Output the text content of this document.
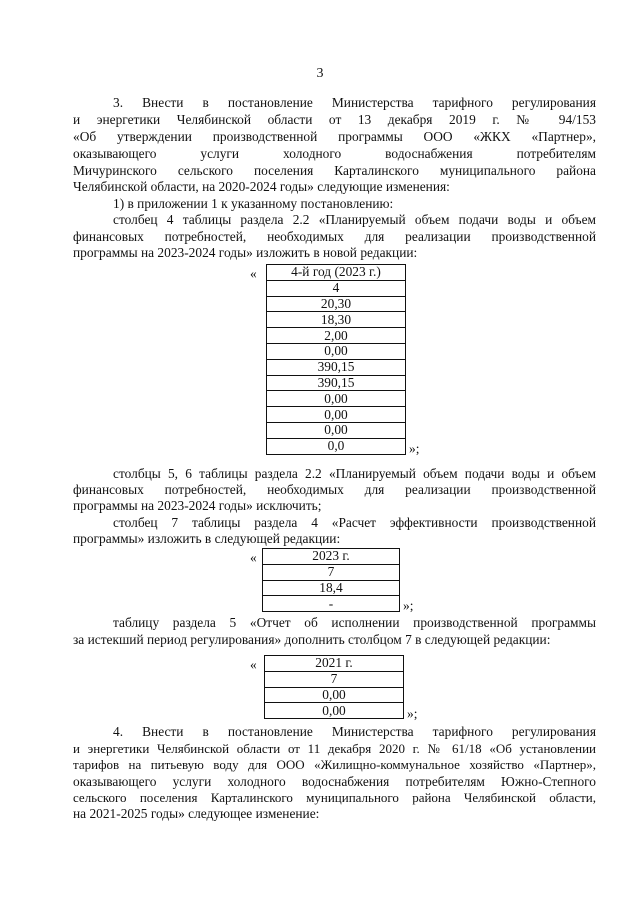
3
3. Внести в постановление Министерства тарифного регулирования
и энергетики Челябинской области от 13 декабря 2019 г. № 94/153
«Об утверждении производственной программы ООО «ЖКХ «Партнер»,
оказывающего услуги холодного водоснабжения потребителям
Мичуринского сельского поселения Карталинского муниципального района
Челябинской области, на 2020-2024 годы» следующие изменения:
1) в приложении 1 к указанному постановлению:
столбец 4 таблицы раздела 2.2 «Планируемый объем подачи воды и объем
финансовых потребностей, необходимых для реализации производственной
программы на 2023-2024 годы» изложить в новой редакции:
«	4-й год (2023 г.)
4
20,30
18,30
2,00
0,00
390,15
390,15
0,00
0,00
0,00
0,0	»;
столбцы 5, 6 таблицы раздела 2.2 «Планируемый объем подачи воды и объем
финансовых потребностей, необходимых для реализации производственной
программы на 2023-2024 годы» исключить;
столбец 7 таблицы раздела 4 «Расчет эффективности производственной
программы» изложить в следующей редакции:
«	2023 г.
7
18,4
-	»;
таблицу раздела 5 «Отчет об исполнении производственной программы
за истекший период регулирования» дополнить столбцом 7 в следующей редакции:
«	2021 г.
7
0,00
0,00	»;
4. Внести в постановление Министерства тарифного регулирования
и энергетики Челябинской области от 11 декабря 2020 г. № 61/18 «Об установлении
тарифов на питьевую воду для ООО «Жилищно-коммунальное хозяйство «Партнер»,
оказывающего услуги холодного водоснабжения потребителям Южно-Степного
сельского поселения Карталинского муниципального района Челябинской области,
на 2021-2025 годы» следующее изменение:
